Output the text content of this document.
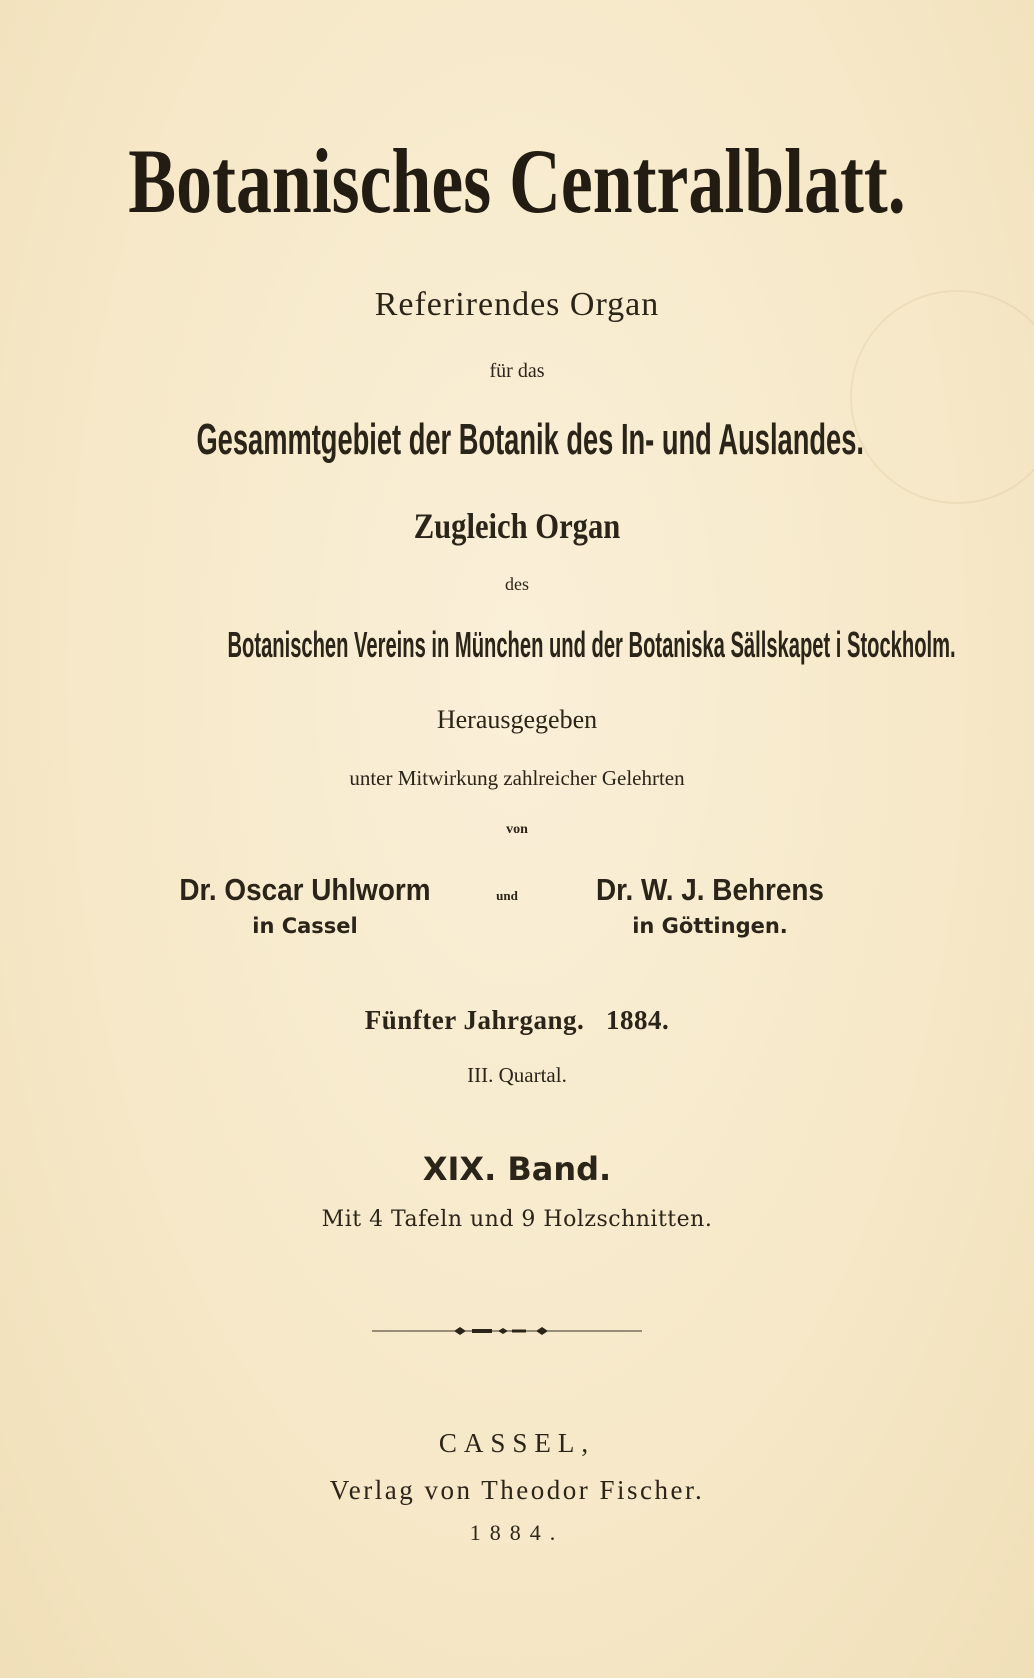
Botanisches Centralblatt.
Referirendes Organ
für das
Gesammtgebiet der Botanik des In- und Auslandes.
Zugleich Organ
des
Botanischen Vereins in München und der Botaniska Sällskapet i Stockholm.
Herausgegeben
unter Mitwirkung zahlreicher Gelehrten
von
Dr. Oscar Uhlworm
in Cassel
und	Dr. W. J. Behrens
in Göttingen.
Fünfter Jahrgang.   1884.
III. Quartal.
XIX. Band.
Mit 4 Tafeln und 9 Holzschnitten.
CASSEL,
Verlag von Theodor Fischer.
1884.
